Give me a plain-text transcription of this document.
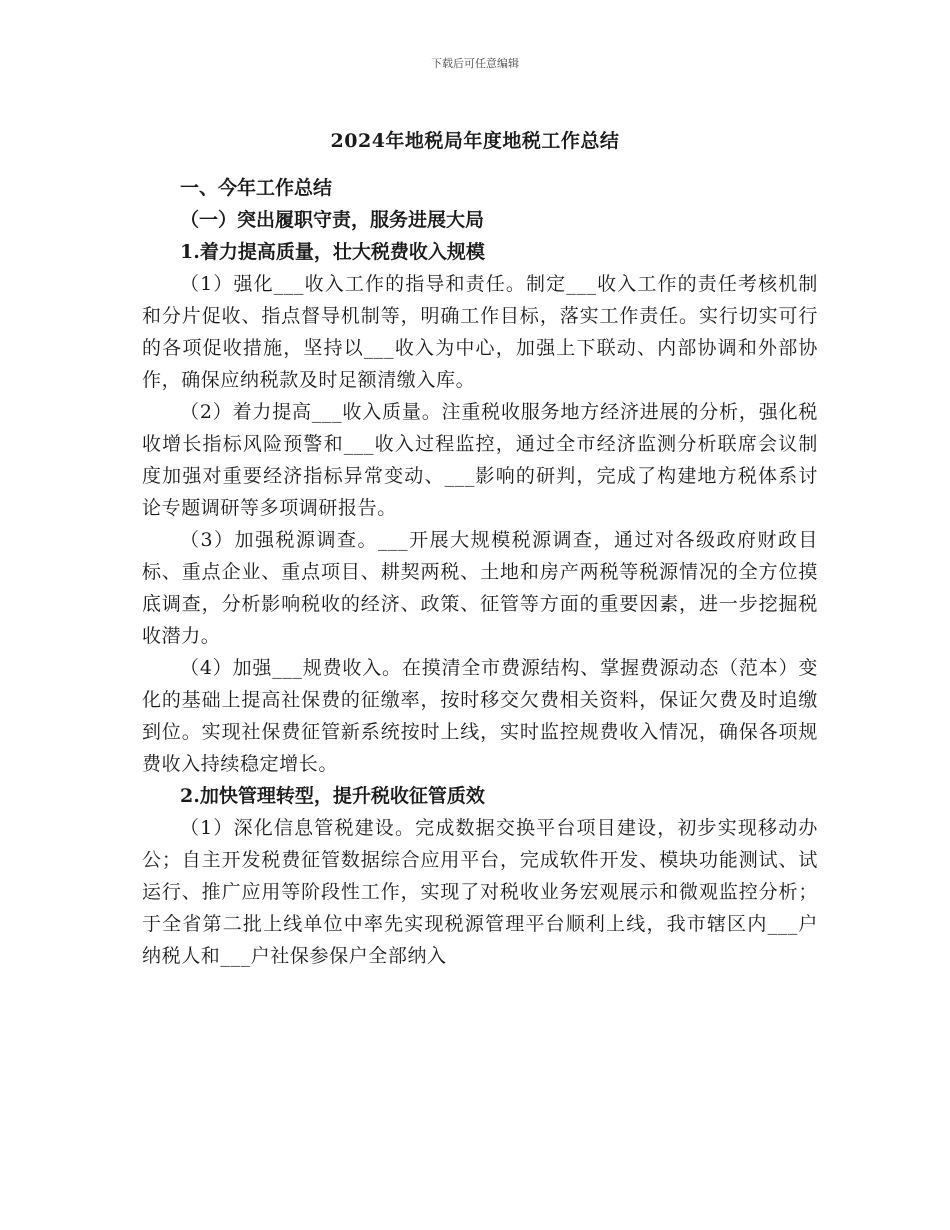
下载后可任意编辑
2024年地税局年度地税工作总结

一、今年工作总结

（一）突出履职守责，服务进展大局

1.着力提高质量，壮大税费收入规模

（1）强化___收入工作的指导和责任。制定___收入工作的责任考核机制和分片促收、指点督导机制等，明确工作目标，落实工作责任。实行切实可行的各项促收措施，坚持以___收入为中心，加强上下联动、内部协调和外部协作，确保应纳税款及时足额清缴入库。

（2）着力提高___收入质量。注重税收服务地方经济进展的分析，强化税收增长指标风险预警和___收入过程监控，通过全市经济监测分析联席会议制度加强对重要经济指标异常变动、___影响的研判，完成了构建地方税体系讨论专题调研等多项调研报告。

（3）加强税源调查。___开展大规模税源调查，通过对各级政府财政目标、重点企业、重点项目、耕契两税、土地和房产两税等税源情况的全方位摸底调查，分析影响税收的经济、政策、征管等方面的重要因素，进一步挖掘税收潜力。

（4）加强___规费收入。在摸清全市费源结构、掌握费源动态（范本）变化的基础上提高社保费的征缴率，按时移交欠费相关资料，保证欠费及时追缴到位。实现社保费征管新系统按时上线，实时监控规费收入情况，确保各项规费收入持续稳定增长。

2.加快管理转型，提升税收征管质效

（1）深化信息管税建设。完成数据交换平台项目建设，初步实现移动办公；自主开发税费征管数据综合应用平台，完成软件开发、模块功能测试、试运行、推广应用等阶段性工作，实现了对税收业务宏观展示和微观监控分析；于全省第二批上线单位中率先实现税源管理平台顺利上线，我市辖区内___户纳税人和___户社保参保户全部纳入
